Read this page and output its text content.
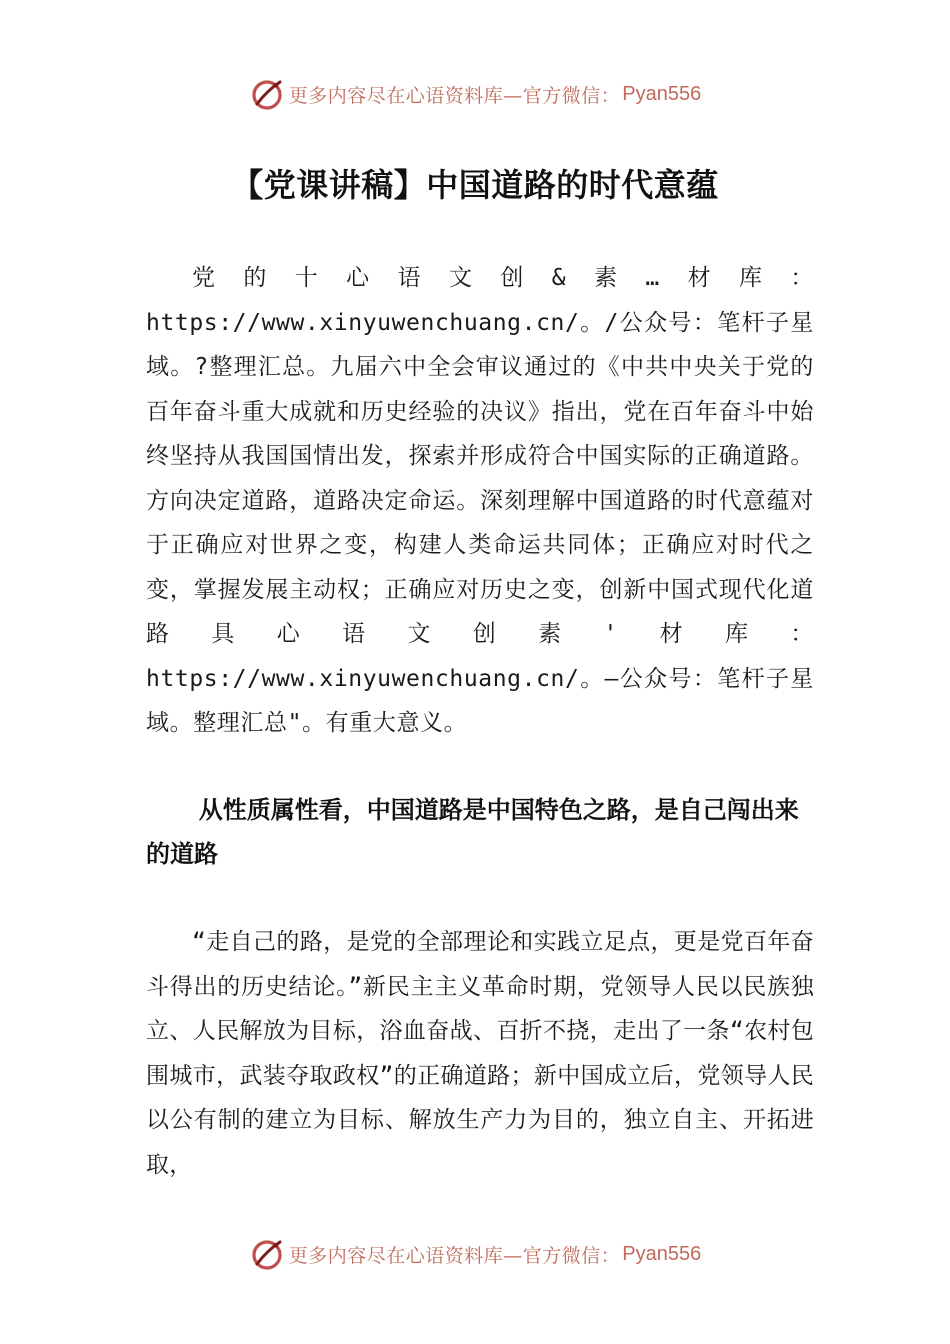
更多内容尽在心语资料库—官方微信： Pyan556
【党课讲稿】中国道路的时代意蕴

党的十心语文创&素…材库：https://www.xinyuwenchuang.cn/。/公众号：笔杆子星域。?整理汇总。九届六中全会审议通过的《中共中央关于党的百年奋斗重大成就和历史经验的决议》指出，党在百年奋斗中始终坚持从我国国情出发，探索并形成符合中国实际的正确道路。方向决定道路，道路决定命运。深刻理解中国道路的时代意蕴对于正确应对世界之变，构建人类命运共同体；正确应对时代之变，掌握发展主动权；正确应对历史之变，创新中国式现代化道路具心语文创素'材库：https://www.xinyuwenchuang.cn/。—公众号：笔杆子星域。整理汇总"。有重大意义。

从性质属性看，中国道路是中国特色之路，是自己闯出来的道路

“走自己的路，是党的全部理论和实践立足点，更是党百年奋斗得出的历史结论。”新民主主义革命时期，党领导人民以民族独立、人民解放为目标，浴血奋战、百折不挠，走出了一条“农村包围城市，武装夺取政权”的正确道路；新中国成立后，党领导人民以公有制的建立为目标、解放生产力为目的，独立自主、开拓进取，

更多内容尽在心语资料库—官方微信： Pyan556
